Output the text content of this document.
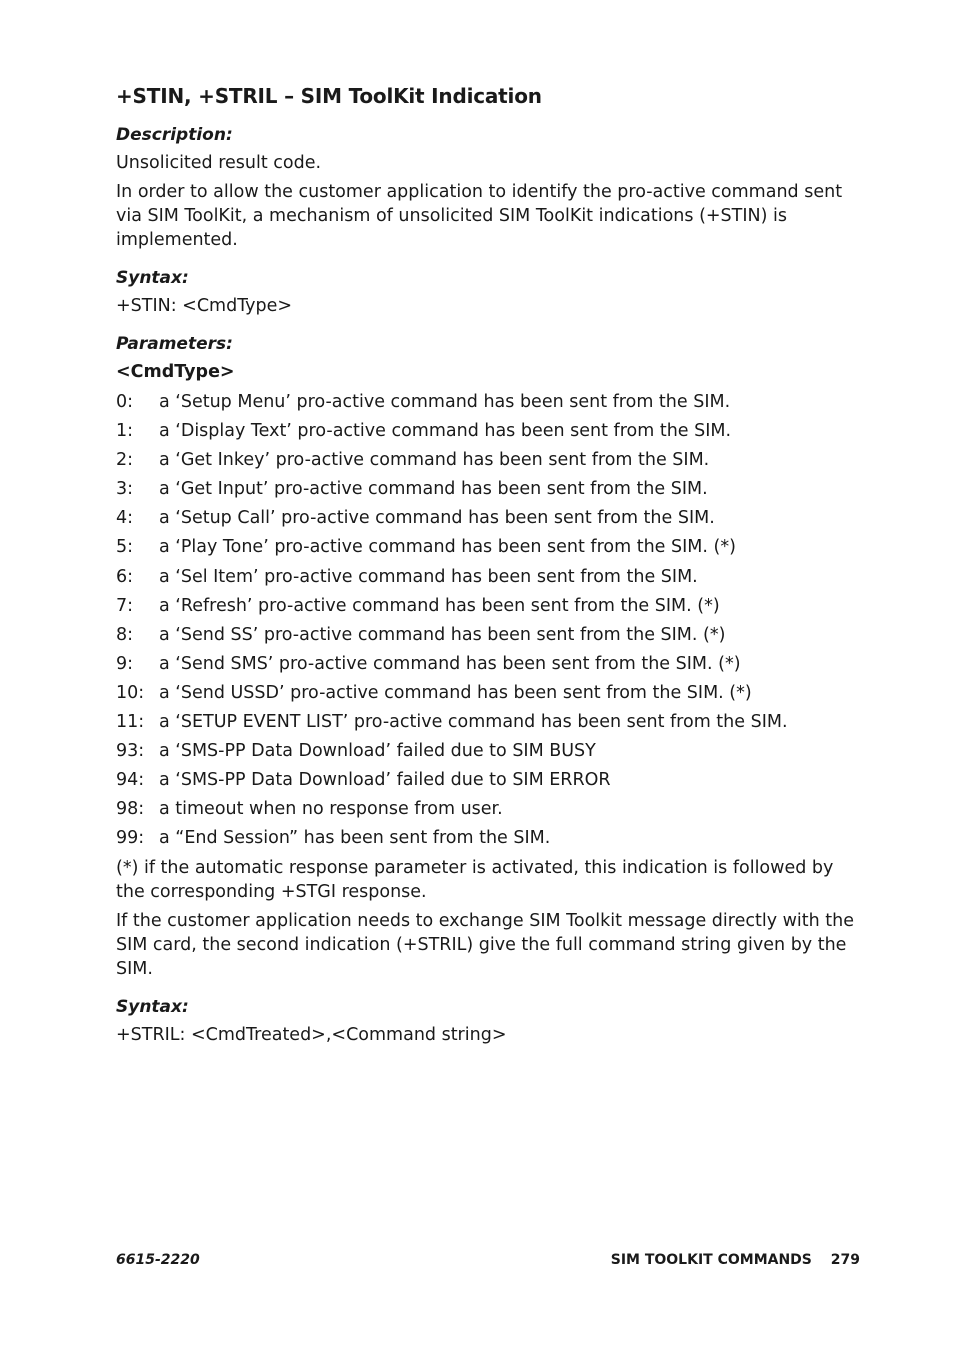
+STIN, +STRIL – SIM ToolKit Indication
Description:
Unsolicited result code.
In order to allow the customer application to identify the pro-active command sent via SIM ToolKit, a mechanism of unsolicited SIM ToolKit indications (+STIN) is implemented.
Syntax:
+STIN: <CmdType>
Parameters:
<CmdType>
0:	a ‘Setup Menu’ pro-active command has been sent from the SIM.
1:	a ‘Display Text’ pro-active command has been sent from the SIM.
2:	a ‘Get Inkey’ pro-active command has been sent from the SIM.
3:	a ‘Get Input’ pro-active command has been sent from the SIM.
4:	a ‘Setup Call’ pro-active command has been sent from the SIM.
5:	a ‘Play Tone’ pro-active command has been sent from the SIM. (*)
6:	a ‘Sel Item’ pro-active command has been sent from the SIM.
7:	a ‘Refresh’ pro-active command has been sent from the SIM. (*)
8:	a ‘Send SS’ pro-active command has been sent from the SIM. (*)
9:	a ‘Send SMS’ pro-active command has been sent from the SIM. (*)
10: a ‘Send USSD’ pro-active command has been sent from the SIM. (*)
11: a ‘SETUP EVENT LIST’ pro-active command has been sent from the SIM.
93: a ‘SMS-PP Data Download’ failed due to SIM BUSY
94: a ‘SMS-PP Data Download’ failed due to SIM ERROR
98: a timeout when no response from user.
99: a “End Session” has been sent from the SIM.
(*) if the automatic response parameter is activated, this indication is followed by the corresponding +STGI response.
If the customer application needs to exchange SIM Toolkit message directly with the SIM card, the second indication (+STRIL) give the full command string given by the SIM.
Syntax:
+STRIL: <CmdTreated>,<Command string>
6615-2220	SIM TOOLKIT COMMANDS 279
